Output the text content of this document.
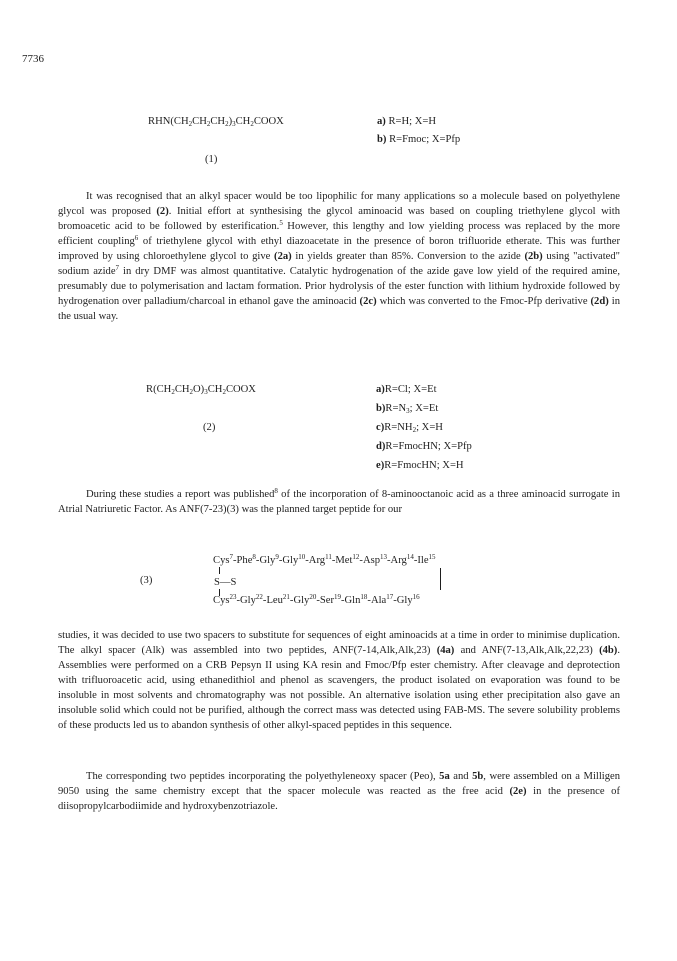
7736
$RHN(CH_2CH_2CH_2)_3CH_2COOX$
(1)
a) R=H; X=H
b) R=Fmoc; X=Pfp

It was recognised that an alkyl spacer would be too lipophilic for many applications so a molecule based on polyethylene glycol was proposed (2). Initial effort at synthesising the glycol aminoacid was based on coupling triethylene glycol with bromoacetic acid to be followed by esterification.$^5$ However, this lengthy and low yielding process was replaced by the more efficient coupling$^6$ of triethylene glycol with ethyl diazoacetate in the presence of boron trifluoride etherate. This was further improved by using chloroethylene glycol to give (2a) in yields greater than 85%. Conversion to the azide (2b) using "activated" sodium azide$^7$ in dry DMF was almost quantitative. Catalytic hydrogenation of the azide gave low yield of the required amine, presumably due to polymerisation and lactam formation. Prior hydrolysis of the ester function with lithium hydroxide followed by hydrogenation over palladium/charcoal in ethanol gave the aminoacid (2c) which was converted to the Fmoc-Pfp derivative (2d) in the usual way.

$R(CH_2CH_2O)_3CH_2COOX$
(2)
a)R=Cl; X=Et
$b)R=N_3$; X=Et
$c)R=NH_2$; X=H
d)R=FmocHN; X=Pfp
e)R=FmocHN; X=H

During these studies a report was published$^8$ of the incorporation of 8-aminooctanoic acid as a three aminoacid surrogate in Atrial Natriuretic Factor. As ANF(7-23)(3) was the planned target peptide for our

Cys$^7$-Phe$^8$-Gly$^9$-Gly$^{10}$-Arg$^{11}$-Met$^{12}$-Asp$^{13}$-Arg$^{14}$-Ile$^{15}$
(3)	S—S
Cys$^{23}$-Gly$^{22}$-Leu$^{21}$-Gly$^{20}$-Ser$^{19}$-Gln$^{18}$-Ala$^{17}$-Gly$^{16}$

studies, it was decided to use two spacers to substitute for sequences of eight aminoacids at a time in order to minimise duplication. The alkyl spacer (Alk) was assembled into two peptides, ANF(7-14,Alk,Alk,23) (4a) and ANF(7-13,Alk,Alk,22,23) (4b). Assemblies were performed on a CRB Pepsyn II using KA resin and Fmoc/Pfp ester chemistry. After cleavage and deprotection with trifluoroacetic acid, using ethanedithiol and phenol as scavengers, the product isolated on evaporation was found to be insoluble in most solvents and chromatography was not possible. An alternative isolation using ether precipitation also gave an insoluble solid which could not be purified, although the correct mass was detected using FAB-MS. The severe solubility problems of these products led us to abandon synthesis of other alkyl-spaced peptides in this sequence.

The corresponding two peptides incorporating the polyethyleneoxy spacer (Peo), 5a and 5b, were assembled on a Milligen 9050 using the same chemistry except that the spacer molecule was reacted as the free acid (2e) in the presence of diisopropylcarbodiimide and hydroxybenzotriazole.
